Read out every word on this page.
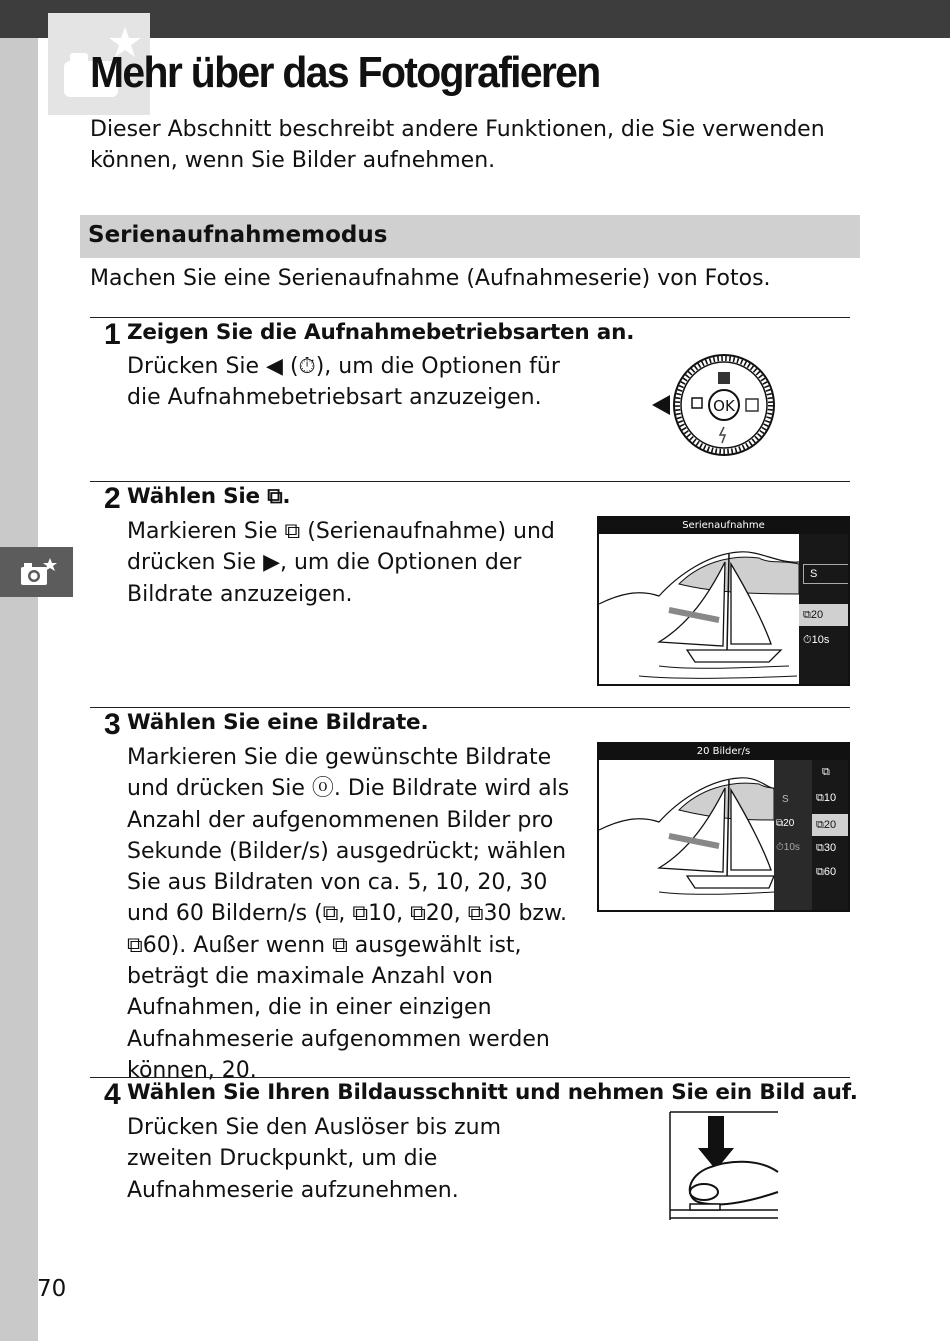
Mehr über das Fotografieren
Dieser Abschnitt beschreibt andere Funktionen, die Sie verwenden können, wenn Sie Bilder aufnehmen.
Serienaufnahmemodus
Machen Sie eine Serienaufnahme (Aufnahmeserie) von Fotos.
1 Zeigen Sie die Aufnahmebetriebsarten an.
Drücken Sie ◀ (⏱), um die Optionen für die Aufnahmebetriebsart anzuzeigen.	OK
2 Wählen Sie ⧉.
Markieren Sie ⧉ (Serienaufnahme) und drücken Sie ▶, um die Optionen der Bildrate anzuzeigen.
Serienaufnahme
S
⧉20
⏱10s
3 Wählen Sie eine Bildrate.
Markieren Sie die gewünschte Bildrate und drücken Sie ⓞ. Die Bildrate wird als Anzahl der aufgenommenen Bilder pro Sekunde (Bilder/s) ausgedrückt; wählen Sie aus Bildraten von ca. 5, 10, 20, 30 und 60 Bildern/s (⧉, ⧉10, ⧉20, ⧉30 bzw. ⧉60). Außer wenn ⧉ ausgewählt ist, beträgt die maximale Anzahl von Aufnahmen, die in einer einzigen Aufnahmeserie aufgenommen werden können, 20.
20 Bilder/s
S
⧉20
⏱10s
⧉
⧉10
⧉20
⧉30
⧉60
4 Wählen Sie Ihren Bildausschnitt und nehmen Sie ein Bild auf.
Drücken Sie den Auslöser bis zum zweiten Druckpunkt, um die Aufnahmeserie aufzunehmen.
70
